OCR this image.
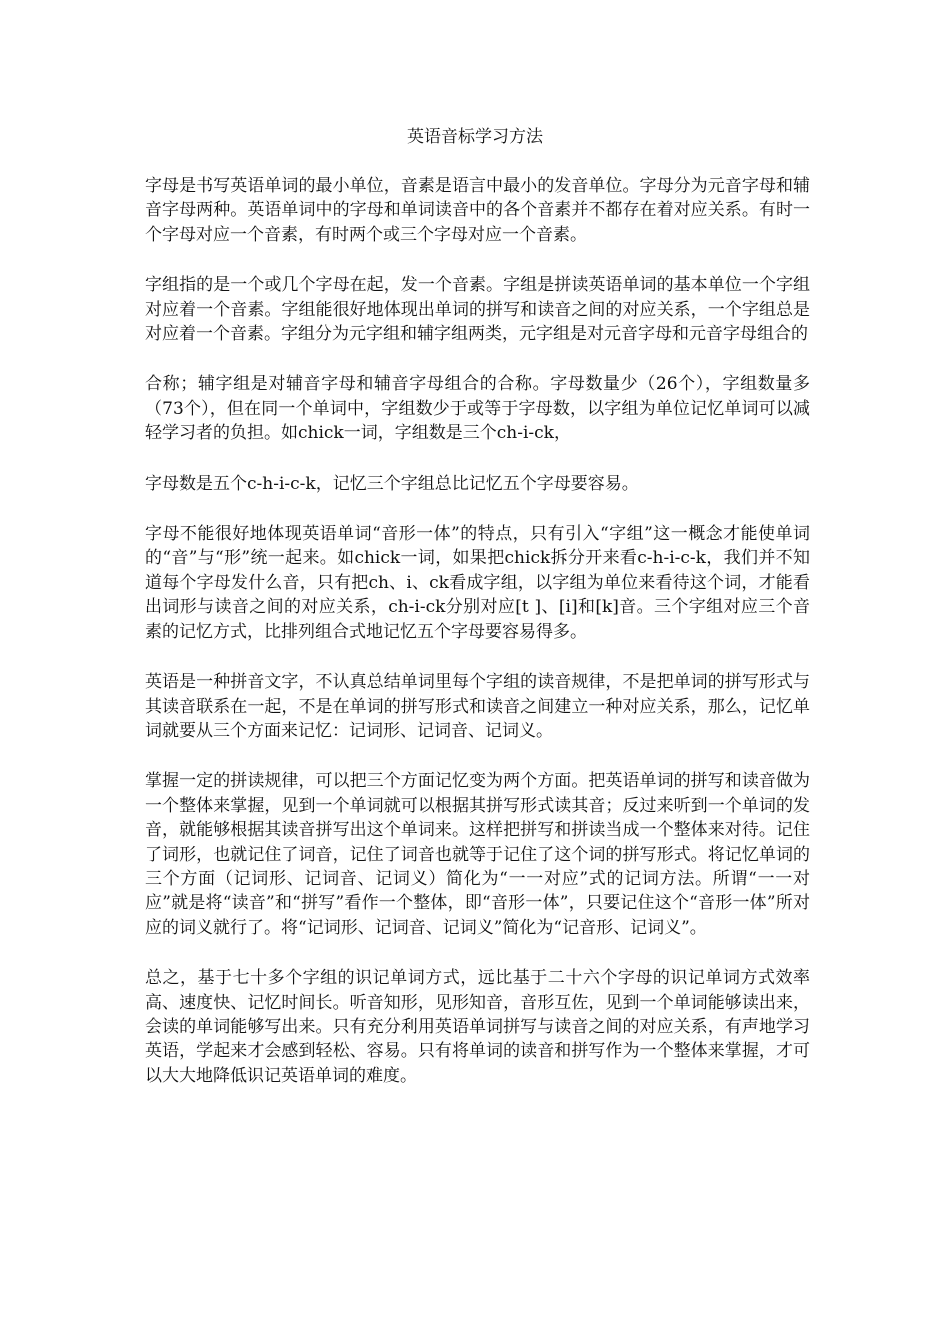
英语音标学习方法

字母是书写英语单词的最小单位，音素是语言中最小的发音单位。字母分为元音字母和辅音字母两种。英语单词中的字母和单词读音中的各个音素并不都存在着对应关系。有时一个字母对应一个音素，有时两个或三个字母对应一个音素。

字组指的是一个或几个字母在起，发一个音素。字组是拼读英语单词的基本单位一个字组对应着一个音素。字组能很好地体现出单词的拼写和读音之间的对应关系，一个字组总是对应着一个音素。字组分为元字组和辅字组两类，元字组是对元音字母和元音字母组合的

合称；辅字组是对辅音字母和辅音字母组合的合称。字母数量少（26个），字组数量多（73个），但在同一个单词中，字组数少于或等于字母数，以字组为单位记忆单词可以减轻学习者的负担。如chick一词，字组数是三个ch-i-ck，

字母数是五个c-h-i-c-k，记忆三个字组总比记忆五个字母要容易。

字母不能很好地体现英语单词“音形一体”的特点，只有引入“字组”这一概念才能使单词的“音”与“形”统一起来。如chick一词，如果把chick拆分开来看c-h-i-c-k，我们并不知道每个字母发什么音，只有把ch、i、ck看成字组，以字组为单位来看待这个词，才能看出词形与读音之间的对应关系，ch-i-ck分别对应[t ]、[i]和[k]音。三个字组对应三个音素的记忆方式，比排列组合式地记忆五个字母要容易得多。

英语是一种拼音文字，不认真总结单词里每个字组的读音规律，不是把单词的拼写形式与其读音联系在一起，不是在单词的拼写形式和读音之间建立一种对应关系，那么，记忆单词就要从三个方面来记忆：记词形、记词音、记词义。

掌握一定的拼读规律，可以把三个方面记忆变为两个方面。把英语单词的拼写和读音做为一个整体来掌握，见到一个单词就可以根据其拼写形式读其音；反过来听到一个单词的发音，就能够根据其读音拼写出这个单词来。这样把拼写和拼读当成一个整体来对待。记住了词形，也就记住了词音，记住了词音也就等于记住了这个词的拼写形式。将记忆单词的三个方面（记词形、记词音、记词义）简化为“一一对应”式的记词方法。所谓“一一对应”就是将“读音”和“拼写”看作一个整体，即“音形一体”，只要记住这个“音形一体”所对应的词义就行了。将“记词形、记词音、记词义”简化为“记音形、记词义”。

总之，基于七十多个字组的识记单词方式，远比基于二十六个字母的识记单词方式效率高、速度快、记忆时间长。听音知形，见形知音，音形互佐，见到一个单词能够读出来，会读的单词能够写出来。只有充分利用英语单词拼写与读音之间的对应关系，有声地学习英语，学起来才会感到轻松、容易。只有将单词的读音和拼写作为一个整体来掌握，才可以大大地降低识记英语单词的难度。
